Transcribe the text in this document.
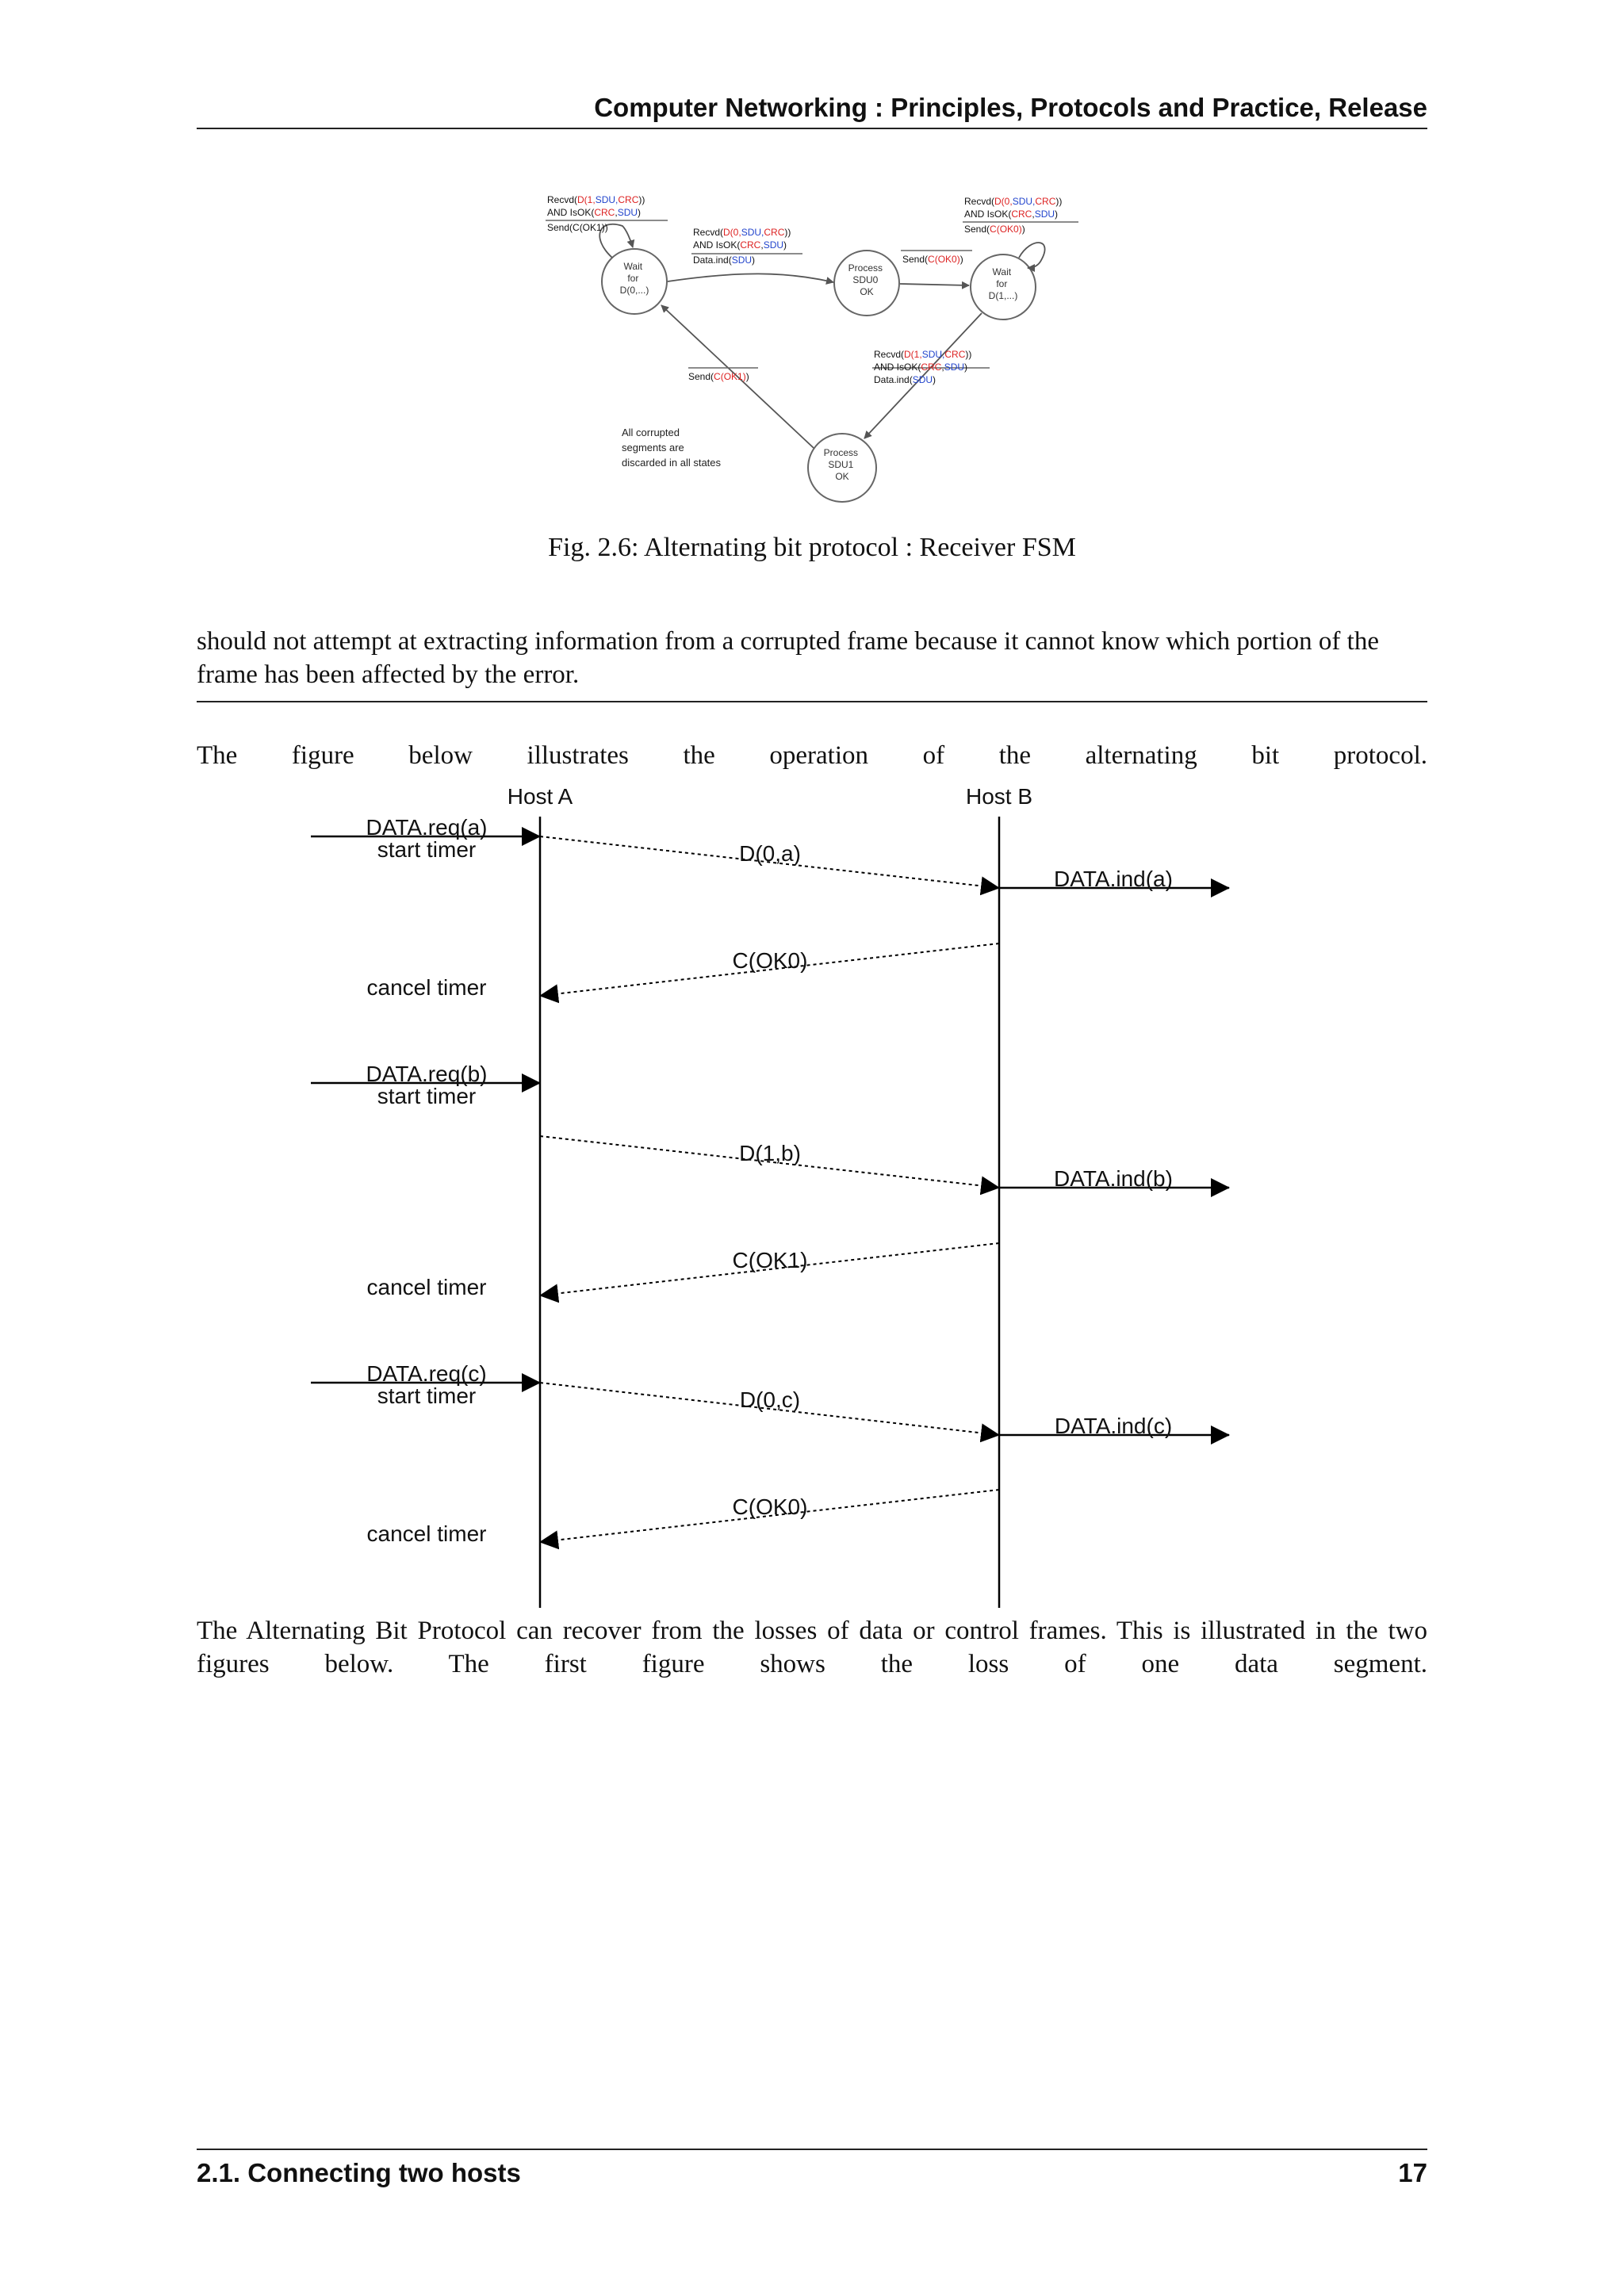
Computer Networking : Principles, Protocols and Practice, Release
Wait for D(0,...)
Process SDU0 OK
Wait for D(1,...)
Process SDU1 OK
Recvd(D(1,SDU,CRC))
AND IsOK(CRC,SDU)
Send(C(OK1))	Recvd(D(0,SDU,CRC))
AND IsOK(CRC,SDU)
Data.ind(SDU)
Recvd(D(0,SDU,CRC))
AND IsOK(CRC,SDU)
Send(C(OK0))
Send(C(OK0))
Recvd(D(1,SDU,CRC))
AND IsOK(CRC,SDU)
Data.ind(SDU)
Send(C(OK1))
All corrupted segments are discarded in all states
Fig. 2.6: Alternating bit protocol : Receiver FSM

should not attempt at extracting information from a corrupted frame because it cannot know which portion of the frame has been affected by the error.

The figure below illustrates the operation of the alternating bit protocol.

Host A	Host B
DATA.req(a)
start timer	D(0,a)
DATA.ind(a)
C(OK0)
cancel timer
DATA.req(b)
start timer
D(1,b)
DATA.ind(b)
C(OK1)
cancel timer
DATA.req(c)
start timer	D(0,c)
DATA.ind(c)
C(OK0)
cancel timer

The Alternating Bit Protocol can recover from the losses of data or control frames. This is illustrated in the two figures below. The first figure shows the loss of one data segment.

2.1. Connecting two hosts	17
